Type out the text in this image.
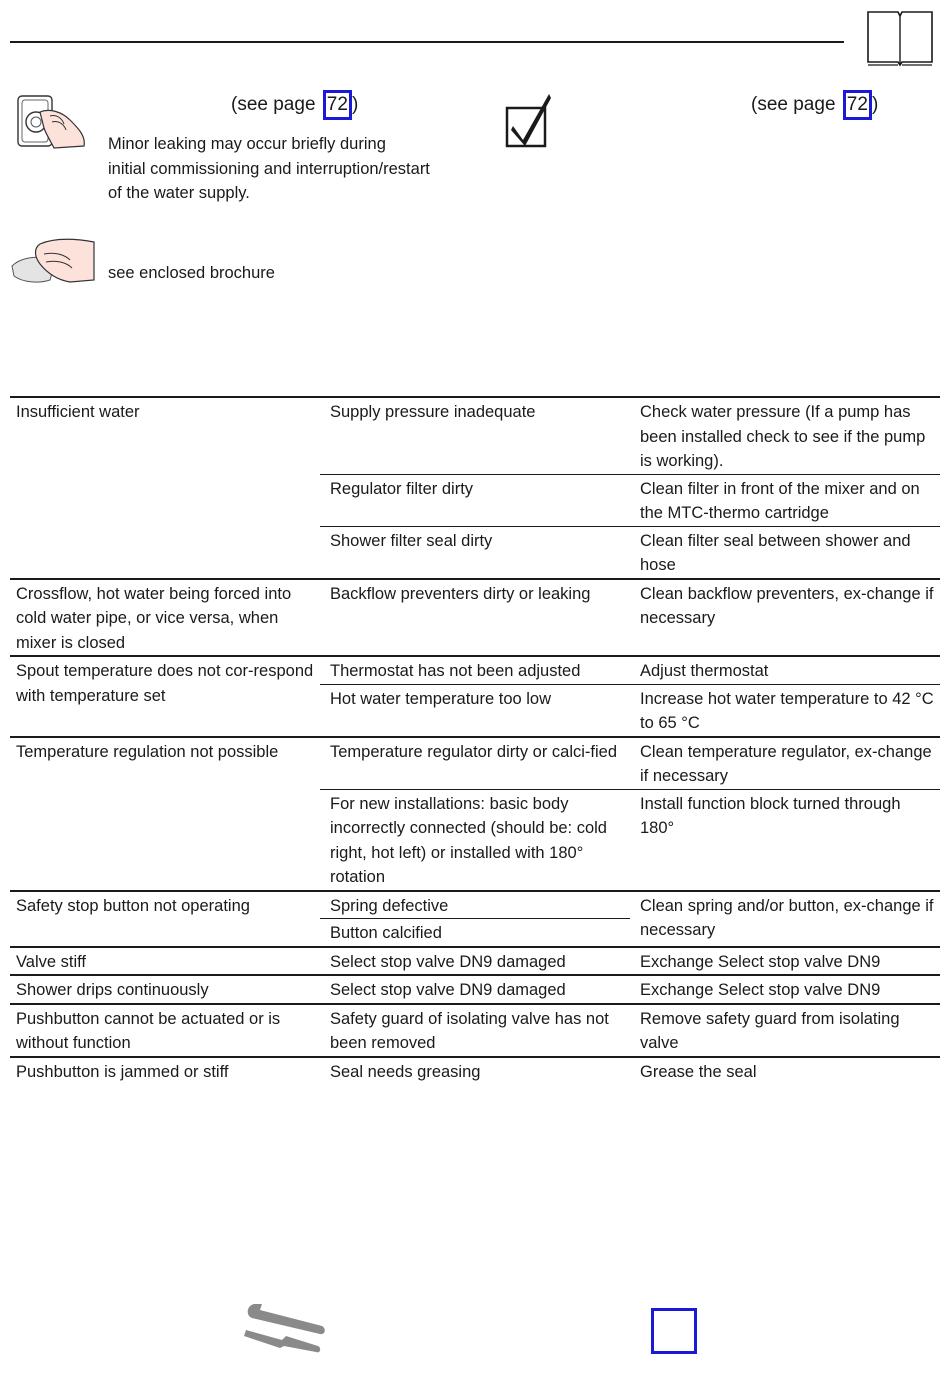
(see page 72 )
Minor leaking may occur briefly during
initial commissioning and interruption/restart
of the water supply.
(see page 72 )
see enclosed brochure
Insufficient water	Supply pressure inadequate	Check water pressure (If a pump has been installed check to see if the pump is working).
	Regulator filter dirty	Clean filter in front of the mixer and on the MTC-thermo cartridge
	Shower filter seal dirty	Clean filter seal between shower and hose
Crossflow, hot water being forced into cold water pipe, or vice versa, when mixer is closed	Backflow preventers dirty or leaking	Clean backflow preventers, ex-change if necessary
Spout temperature does not cor-respond with temperature set	Thermostat has not been adjusted	Adjust thermostat
	Hot water temperature too low	Increase hot water temperature to 42 °C to 65 °C
Temperature regulation not possible	Temperature regulator dirty or calci-fied	Clean temperature regulator, ex-change if necessary
	For new installations: basic body incorrectly connected (should be: cold right, hot left) or installed with 180° rotation	Install function block turned through 180°
Safety stop button not operating	Spring defective	Clean spring and/or button, ex-change if necessary
	Button calcified	
Valve stiff	Select stop valve DN9 damaged	Exchange Select stop valve DN9
Shower drips continuously	Select stop valve DN9 damaged	Exchange Select stop valve DN9
Pushbutton cannot be actuated or is without function	Safety guard of isolating valve has not been removed	Remove safety guard from isolating valve
Pushbutton is jammed or stiff	Seal needs greasing	Grease the seal
